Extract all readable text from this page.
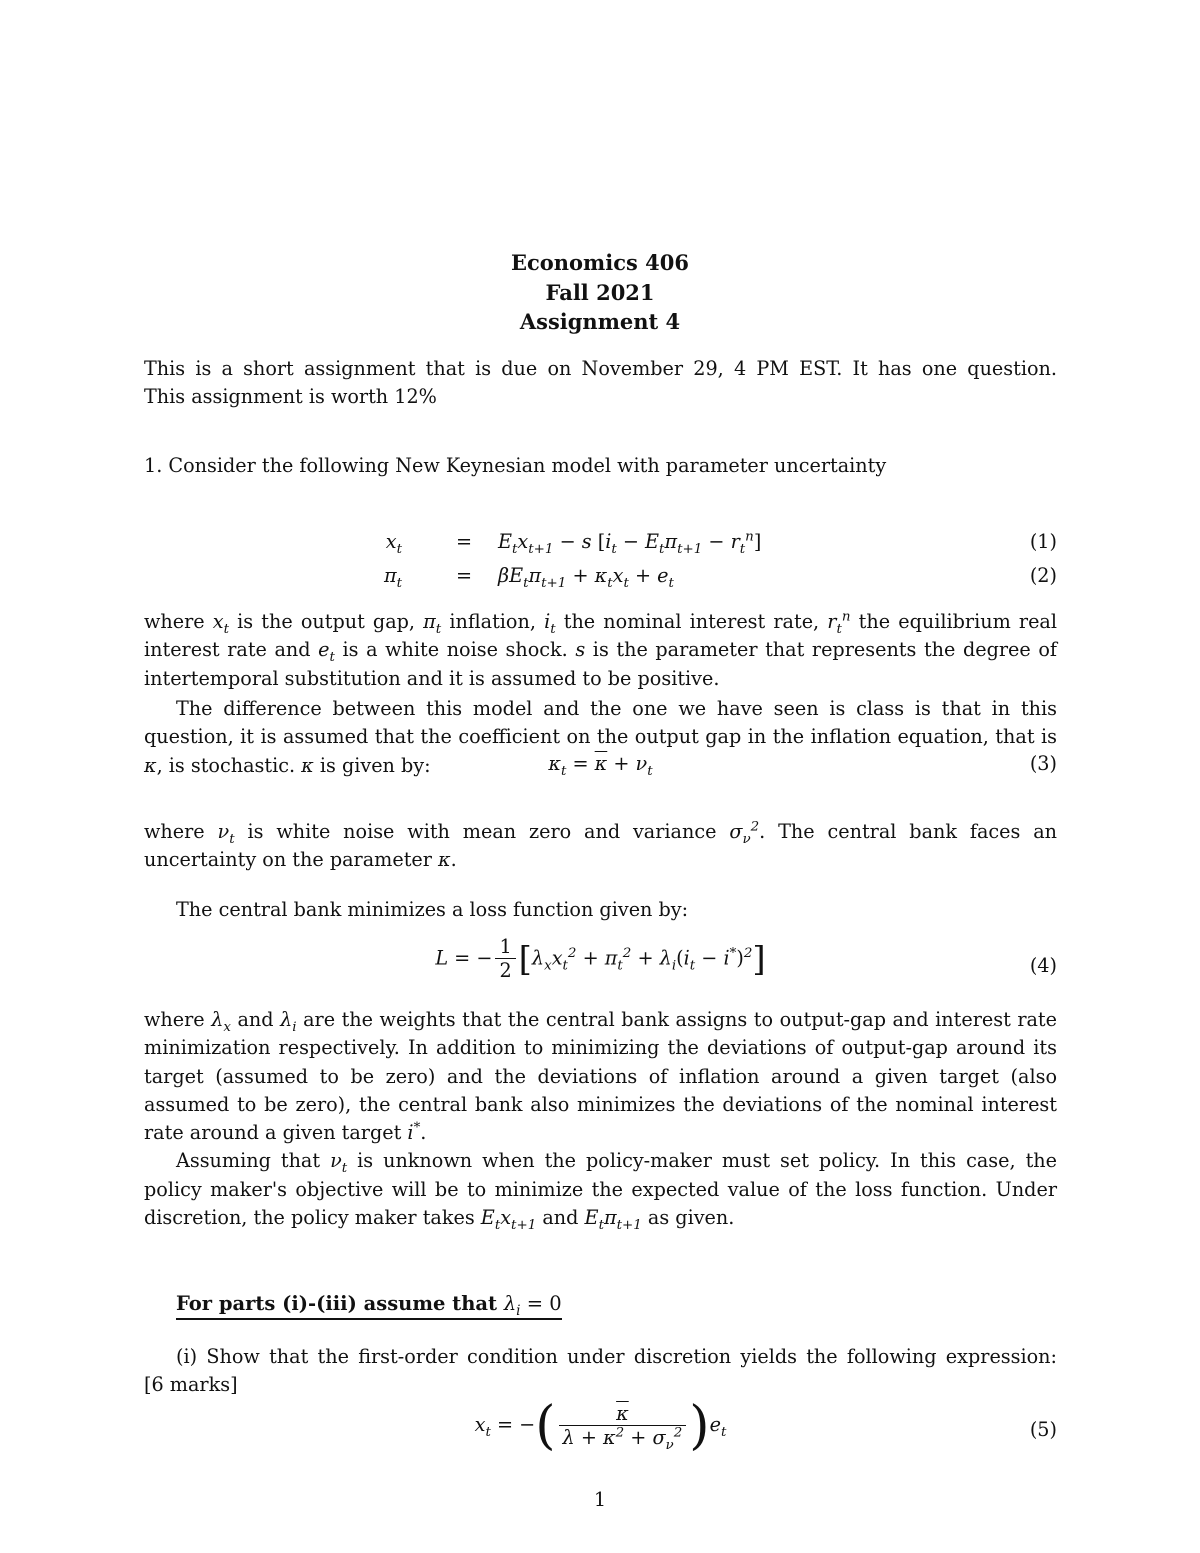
Economics 406
Fall 2021
Assignment 4

This is a short assignment that is due on November 29, 4 PM EST. It has one question.

This assignment is worth 12%

1. Consider the following New Keynesian model with parameter uncertainty
$x_t$	= $E_tx_{t+1} - s$ $[i_t - E_t\pi_{t+1} - r_t^n]$	(1)
$\pi_t$	= $\beta E_t\pi_{t+1} + \kappa_tx_t + e_t$	(2)

where $x_t$ is the output gap, $\pi_t$ inflation, $i_t$ the nominal interest rate, $r_t^n$ the equilibrium real interest rate and $e_t$ is a white noise shock. s is the parameter that represents the degree of intertemporal substitution and it is assumed to be positive.

The difference between this model and the one we have seen is class is that in this question, it is assumed that the coefficient on the output gap in the inflation equation, that is κ, is stochastic. κ is given by:	$\kappa_t = \overline{\kappa} + \nu_t$	(3)

where $\nu_t$ is white noise with mean zero and variance $\sigma_\nu^2$. The central bank faces an uncertainty on the parameter κ.

The central bank minimizes a loss function given by:

L = − $\frac{1}{2} [\lambda_xx_t^2 + \pi_t^2 + \lambda_i(i_t - i^*)^2]$	(4)

where $\lambda_x$ and $\lambda_i$ are the weights that the central bank assigns to output-gap and interest rate minimization respectively. In addition to minimizing the deviations of output-gap around its target (assumed to be zero) and the deviations of inflation around a given target (also assumed to be zero), the central bank also minimizes the deviations of the nominal interest rate around a given target i*.

Assuming that $\nu_t$ is unknown when the policy-maker must set policy. In this case, the policy maker's objective will be to minimize the expected value of the loss function. Under discretion, the policy maker takes $E_tx_{t+1}$ and $E_t\pi_{t+1}$ as given.

For parts (i)-(iii) assume that $\lambda_i = 0$

(i) Show that the first-order condition under discretion yields the following expression:

[6 marks]

$x_t$ = −( $\frac{\overline{\kappa}}{\lambda + \overline{\kappa}^2 + \sigma_\nu^2} )e_t$	(5)
1
